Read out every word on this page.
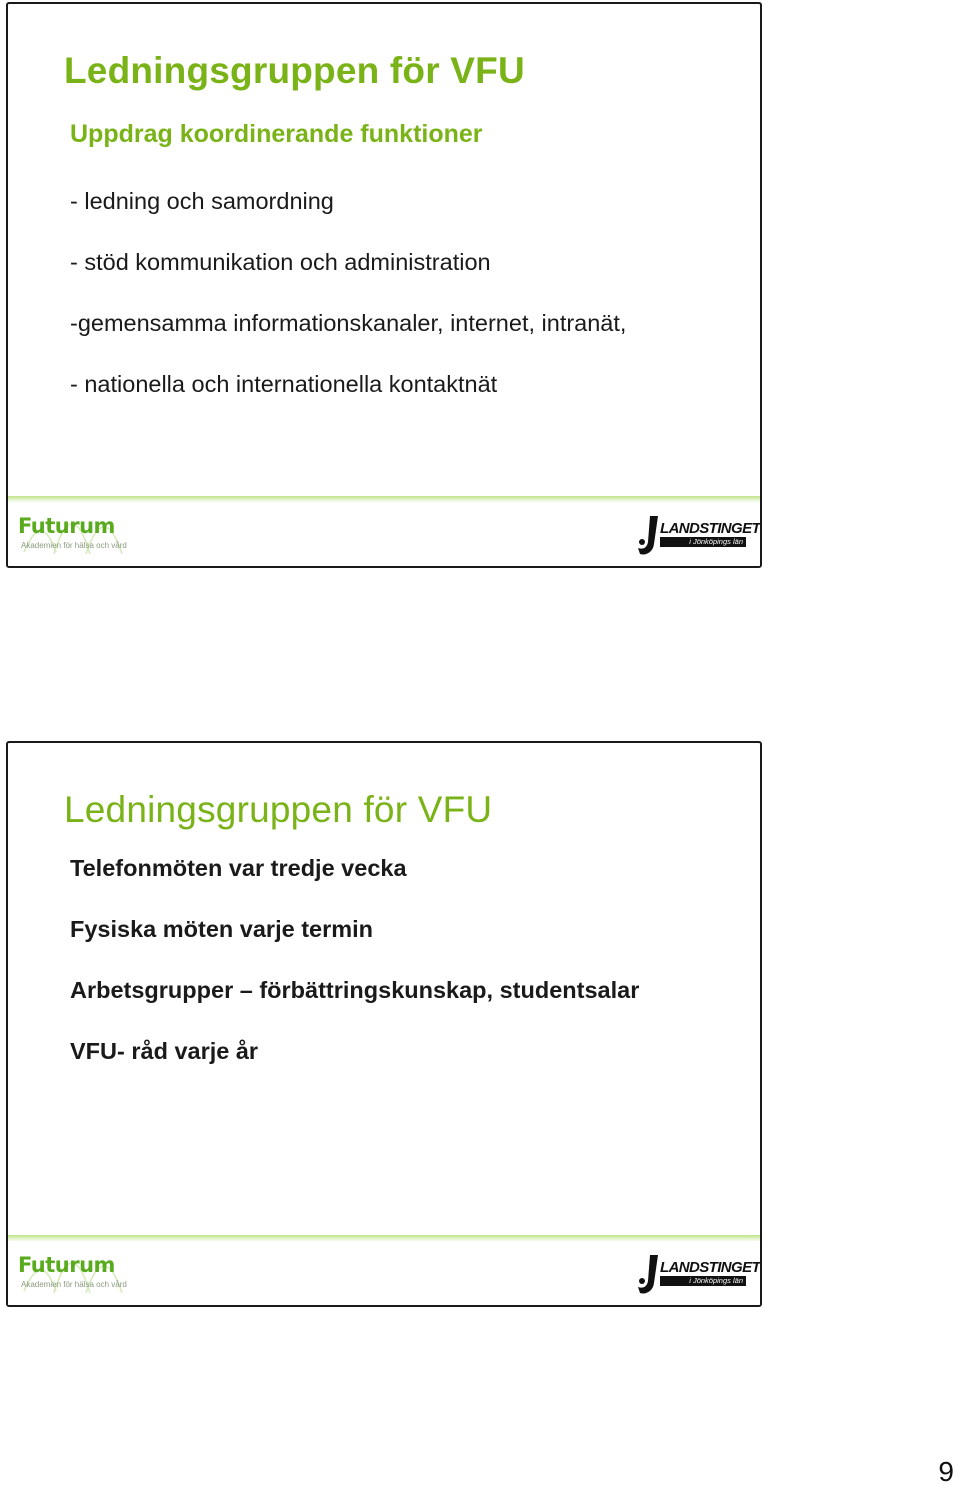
Ledningsgruppen för VFU
Uppdrag koordinerande funktioner
- ledning och samordning
- stöd kommunikation och administration
-gemensamma informationskanaler, internet, intranät,
- nationella och internationella kontaktnät
Futurum
Akademien för hälsa och vård
LANDSTINGET
i Jönköpings län
Ledningsgruppen för VFU
Telefonmöten var tredje vecka
Fysiska möten varje termin
Arbetsgrupper – förbättringskunskap, studentsalar
VFU- råd varje år
Futurum
Akademien för hälsa och vård
LANDSTINGET
i Jönköpings län
9
